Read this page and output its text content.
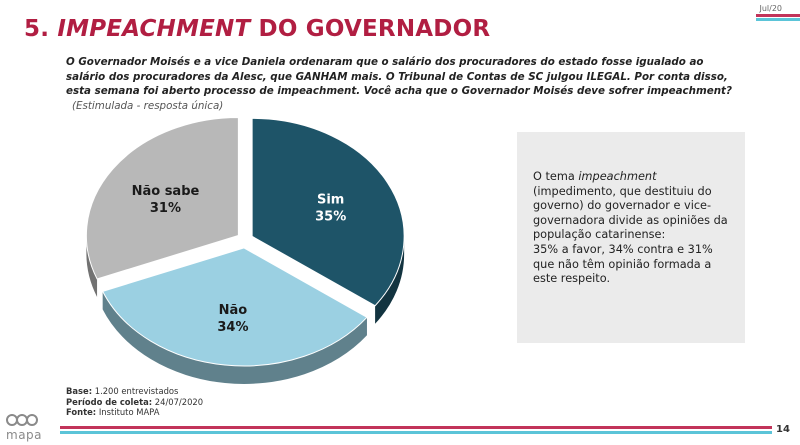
Jul/20
5. IMPEACHMENT DO GOVERNADOR
O Governador Moisés e a vice Daniela ordenaram que o salário dos procuradores do estado fosse igualado ao salário dos procuradores da Alesc, que GANHAM mais. O Tribunal de Contas de SC julgou ILEGAL. Por conta disso, esta semana foi aberto processo de impeachment. Você acha que o Governador Moisés deve sofrer impeachment?(Estimulada - resposta única)
Sim
35%
Não
34%
Não sabe
31%
O tema impeachment (impedimento, que destituiu do governo) do governador e vice-governadora divide as opiniões da população catarinense:
35% a favor, 34% contra e 31% que não têm opinião formada a este respeito.
Base: 1.200 entrevistados
Período de coleta: 24/07/2020
Fonte: Instituto MAPA
mapa	14
